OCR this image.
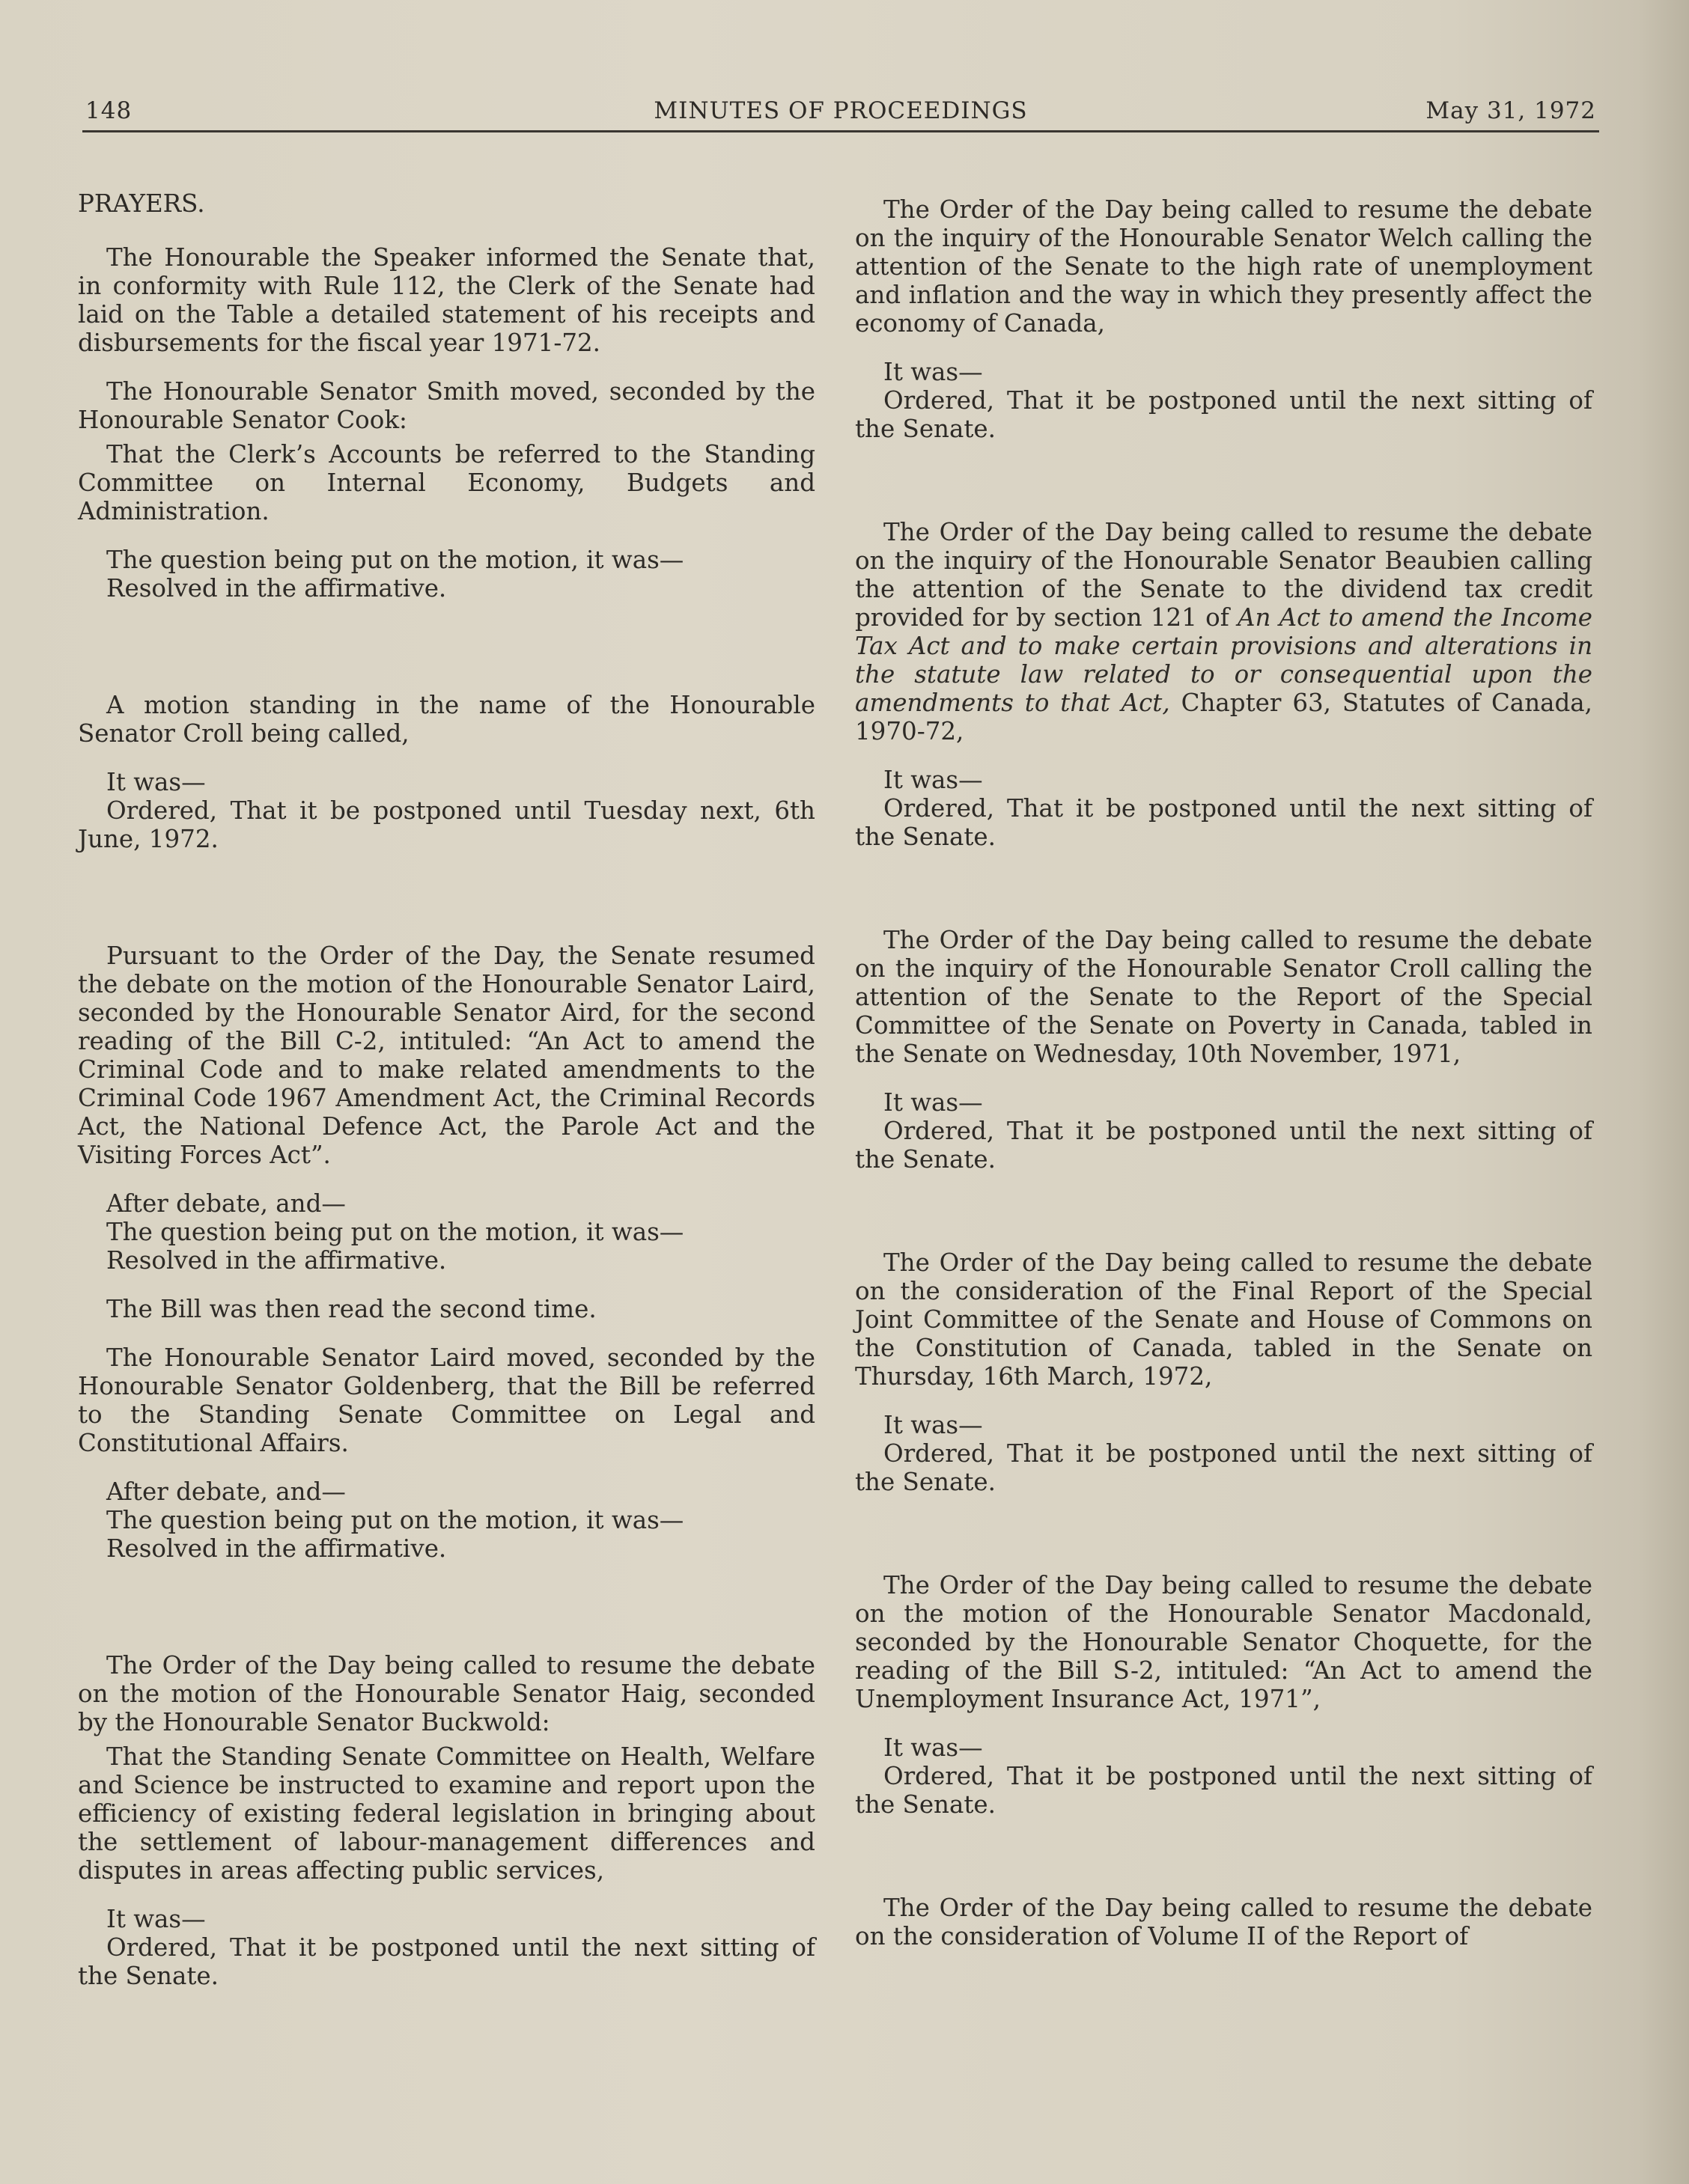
148	MINUTES OF PROCEEDINGS	May 31, 1972

PRAYERS.

The Honourable the Speaker informed the Senate that, in conformity with Rule 112, the Clerk of the Senate had laid on the Table a detailed statement of his receipts and disbursements for the fiscal year 1971-72.

The Honourable Senator Smith moved, seconded by the Honourable Senator Cook:

That the Clerk’s Accounts be referred to the Standing Committee on Internal Economy, Budgets and Administration.

The question being put on the motion, it was—
Resolved in the affirmative.

A motion standing in the name of the Honourable Senator Croll being called,

It was—

Ordered, That it be postponed until Tuesday next, 6th June, 1972.

Pursuant to the Order of the Day, the Senate resumed the debate on the motion of the Honourable Senator Laird, seconded by the Honourable Senator Aird, for the second reading of the Bill C-2, intituled: “An Act to amend the Criminal Code and to make related amendments to the Criminal Code 1967 Amendment Act, the Criminal Records Act, the National Defence Act, the Parole Act and the Visiting Forces Act”.

After debate, and—
The question being put on the motion, it was—
Resolved in the affirmative.

The Bill was then read the second time.

The Honourable Senator Laird moved, seconded by the Honourable Senator Goldenberg, that the Bill be referred to the Standing Senate Committee on Legal and Constitutional Affairs.

After debate, and—
The question being put on the motion, it was—
Resolved in the affirmative.

The Order of the Day being called to resume the debate on the motion of the Honourable Senator Haig, seconded by the Honourable Senator Buckwold:

That the Standing Senate Committee on Health, Welfare and Science be instructed to examine and report upon the efficiency of existing federal legislation in bringing about the settlement of labour-management differences and disputes in areas affecting public services,

It was—

Ordered, That it be postponed until the next sitting of the Senate.

The Order of the Day being called to resume the debate on the inquiry of the Honourable Senator Welch calling the attention of the Senate to the high rate of unemployment and inflation and the way in which they presently affect the economy of Canada,

It was—

Ordered, That it be postponed until the next sitting of the Senate.

The Order of the Day being called to resume the debate on the inquiry of the Honourable Senator Beaubien calling the attention of the Senate to the dividend tax credit provided for by section 121 of An Act to amend the Income Tax Act and to make certain provisions and alterations in the statute law related to or consequential upon the amendments to that Act, Chapter 63, Statutes of Canada, 1970-72,

It was—

Ordered, That it be postponed until the next sitting of the Senate.

The Order of the Day being called to resume the debate on the inquiry of the Honourable Senator Croll calling the attention of the Senate to the Report of the Special Committee of the Senate on Poverty in Canada, tabled in the Senate on Wednesday, 10th November, 1971,

It was—

Ordered, That it be postponed until the next sitting of the Senate.

The Order of the Day being called to resume the debate on the consideration of the Final Report of the Special Joint Committee of the Senate and House of Commons on the Constitution of Canada, tabled in the Senate on Thursday, 16th March, 1972,

It was—

Ordered, That it be postponed until the next sitting of the Senate.

The Order of the Day being called to resume the debate on the motion of the Honourable Senator Macdonald, seconded by the Honourable Senator Choquette, for the reading of the Bill S-2, intituled: “An Act to amend the Unemployment Insurance Act, 1971”,

It was—

Ordered, That it be postponed until the next sitting of the Senate.

The Order of the Day being called to resume the debate on the consideration of Volume II of the Report of
